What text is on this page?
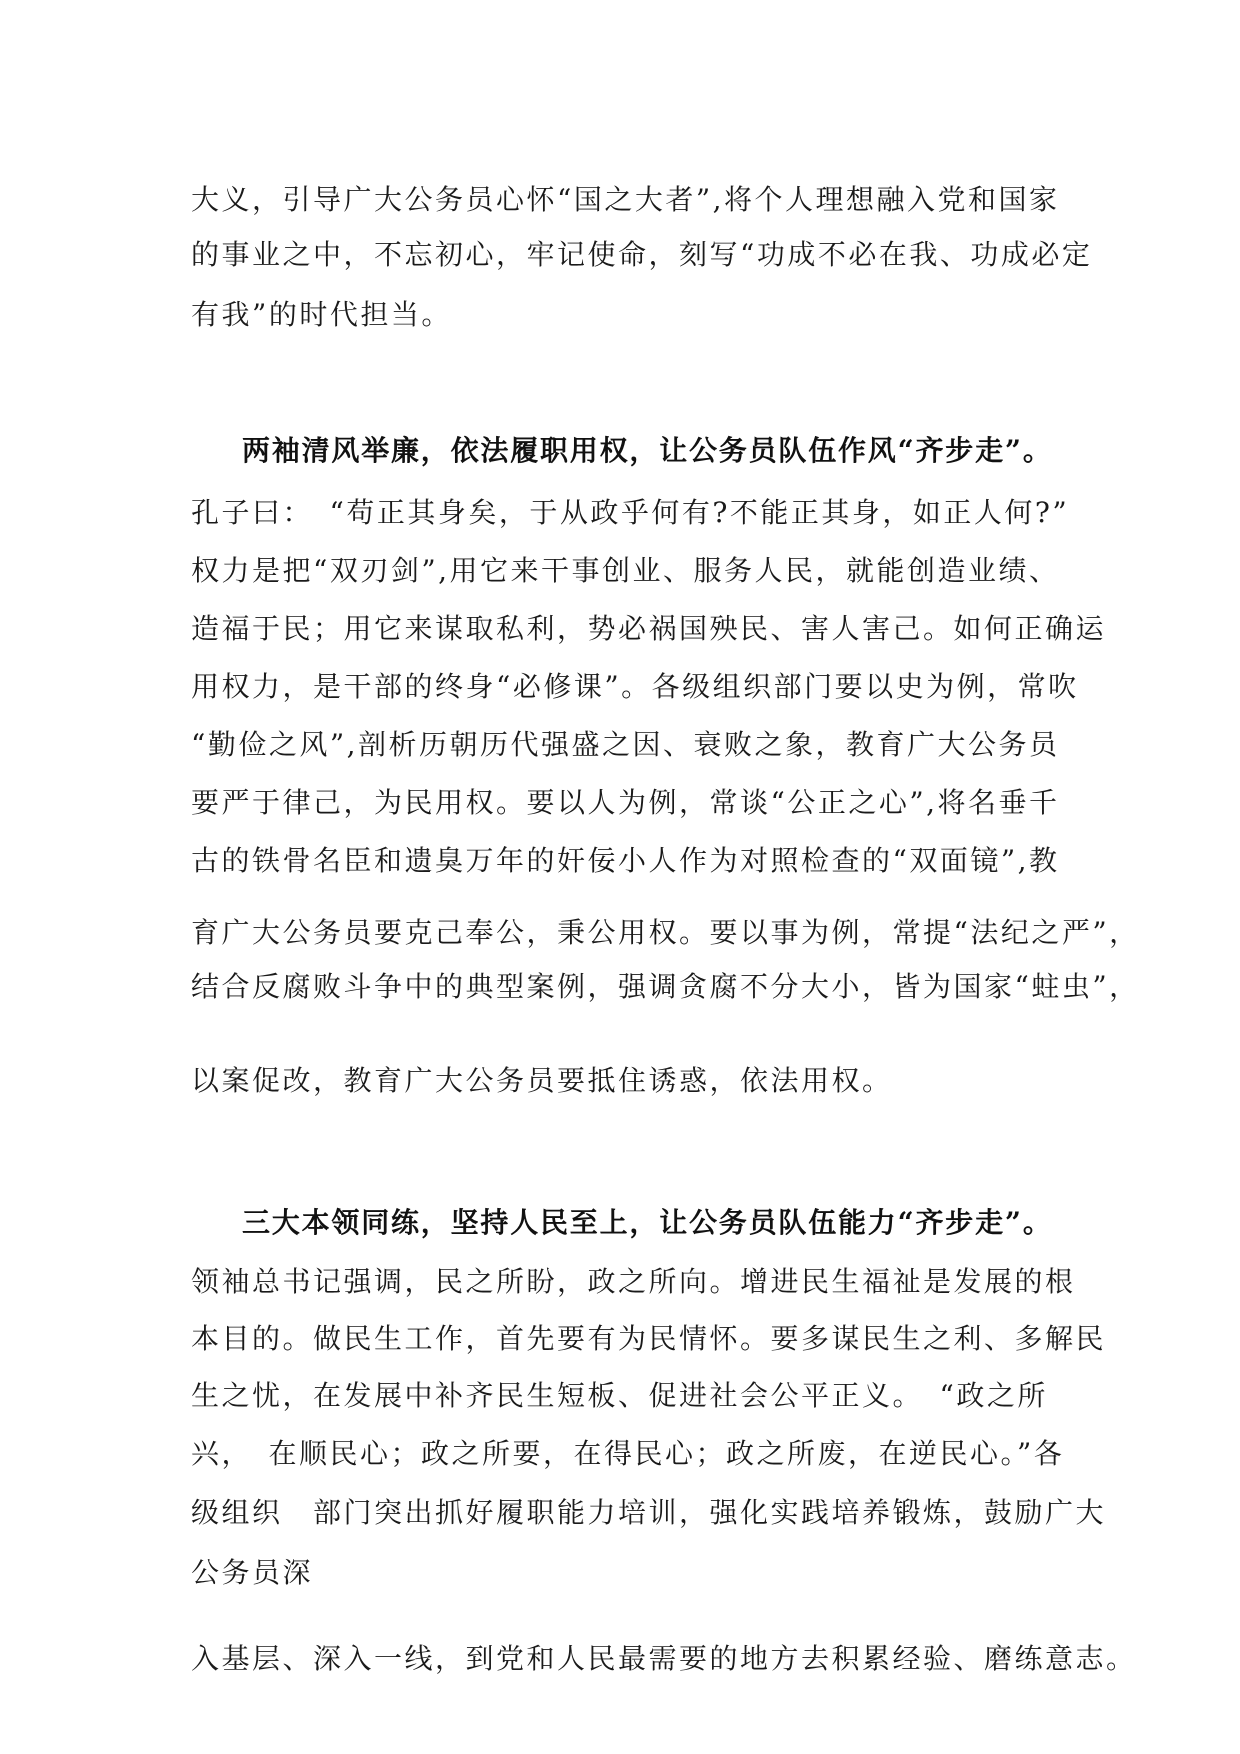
大义，引导广大公务员心怀“国之大者”,将个人理想融入党和国家
的事业之中，不忘初心，牢记使命，刻写“功成不必在我、功成必定
有我”的时代担当。
两袖清风举廉，依法履职用权，让公务员队伍作风“齐步走”。
孔子曰：　“苟正其身矣，于从政乎何有?不能正其身，如正人何?”
权力是把“双刃剑”,用它来干事创业、服务人民，就能创造业绩、
造福于民；用它来谋取私利，势必祸国殃民、害人害己。如何正确运
用权力，是干部的终身“必修课”。各级组织部门要以史为例，常吹
“勤俭之风”,剖析历朝历代强盛之因、衰败之象，教育广大公务员
要严于律己，为民用权。要以人为例，常谈“公正之心”,将名垂千
古的铁骨名臣和遗臭万年的奸佞小人作为对照检查的“双面镜”,教
育广大公务员要克己奉公，秉公用权。要以事为例，常提“法纪之严”，
结合反腐败斗争中的典型案例，强调贪腐不分大小，皆为国家“蛀虫”，
以案促改，教育广大公务员要抵住诱惑，依法用权。
三大本领同练，坚持人民至上，让公务员队伍能力“齐步走”。
领袖总书记强调，民之所盼，政之所向。增进民生福祉是发展的根
本目的。做民生工作，首先要有为民情怀。要多谋民生之利、多解民
生之忧，在发展中补齐民生短板、促进社会公平正义。　“政之所
兴，　在顺民心；政之所要，在得民心；政之所废，在逆民心。”各
级组织　部门突出抓好履职能力培训，强化实践培养锻炼，鼓励广大
公务员深
入基层、深入一线，到党和人民最需要的地方去积累经验、磨练意志。
